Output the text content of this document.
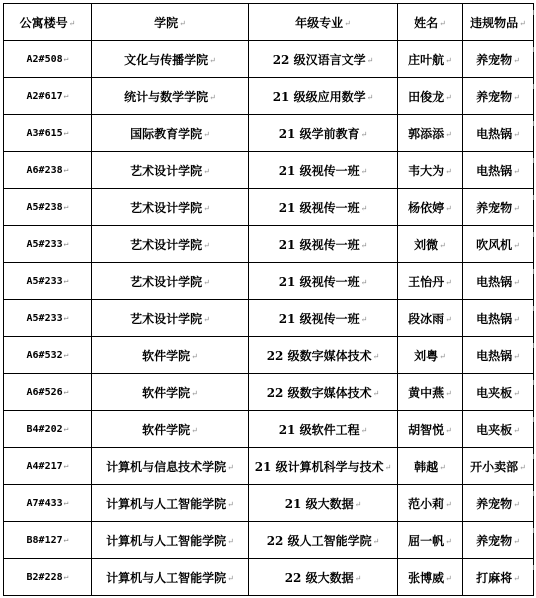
公寓楼号↵	学院↵	年级专业↵	姓名↵	违规物品↵
A2#508↵	文化与传播学院↵	22 级汉语言文学↵	庄叶航↵	养宠物↵
A2#617↵	统计与数学学院↵	21 级级应用数学↵	田俊龙↵	养宠物↵
A3#615↵	国际教育学院↵	21 级学前教育↵	郭添添↵	电热锅↵
A6#238↵	艺术设计学院↵	21 级视传一班↵	韦大为↵	电热锅↵
A5#238↵	艺术设计学院↵	21 级视传一班↵	杨依婷↵	养宠物↵
A5#233↵	艺术设计学院↵	21 级视传一班↵	刘微↵	吹风机↵
A5#233↵	艺术设计学院↵	21 级视传一班↵	王怡丹↵	电热锅↵
A5#233↵	艺术设计学院↵	21 级视传一班↵	段冰雨↵	电热锅↵
A6#532↵	软件学院↵	22 级数字媒体技术↵	刘粤↵	电热锅↵
A6#526↵	软件学院↵	22 级数字媒体技术↵	黄中燕↵	电夹板↵
B4#202↵	软件学院↵	21 级软件工程↵	胡智悦↵	电夹板↵
A4#217↵	计算机与信息技术学院↵	21 级计算机科学与技术↵	韩越↵	开小卖部↵
A7#433↵	计算机与人工智能学院↵	21 级大数据↵	范小莉↵	养宠物↵
B8#127↵	计算机与人工智能学院↵	22 级人工智能学院↵	屈一帆↵	养宠物↵
B2#228↵	计算机与人工智能学院↵	22 级大数据↵	张博威↵	打麻将↵
